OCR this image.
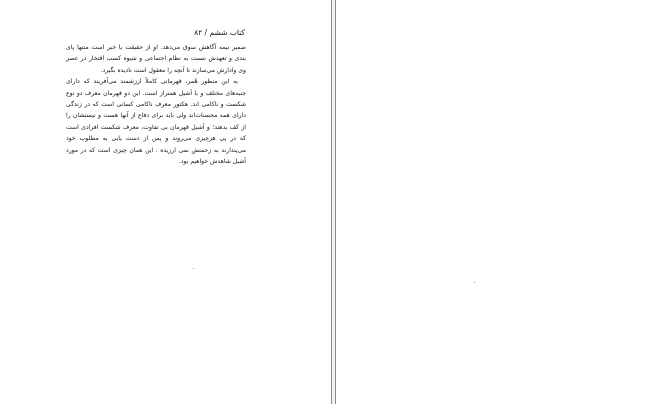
کتاب ششم / ۸۲

ضمیر نیمه آگاهش سوق می‌دهد. او از حقیقت با خبر است منتها پای بندی و تعهدش نسبت به نظام اجتماعی و شیوه کسب افتخار در عصر وی وادارش می‌سازند تا آنچه را معقول است نادیده بگیرد.

به این منظور هُمر، قهرمانی کاملاً ارزشمند می‌آفریند که دارای جنبه‌های مختلف و با آشیل همتراز است. این دو قهرمان معرف دو نوع شکست و ناکامی اند. هکتور معرف ناکامی کسانی است که در زندگی دارای همه محسنات‌اند ولی باید برای دفاع از آنها هست و نیستشان را از کف بدهند؛ و آشیل قهرمان بی تفاوت، معرف شکست افرادی است که در پی هرچیزی می‌روند و پس از دست یابی به مطلوب خود می‌پندارند به زحمتش نمی ارزیده . این همان چیزی است که در مورد آشیل شاهدش خواهیم بود.
